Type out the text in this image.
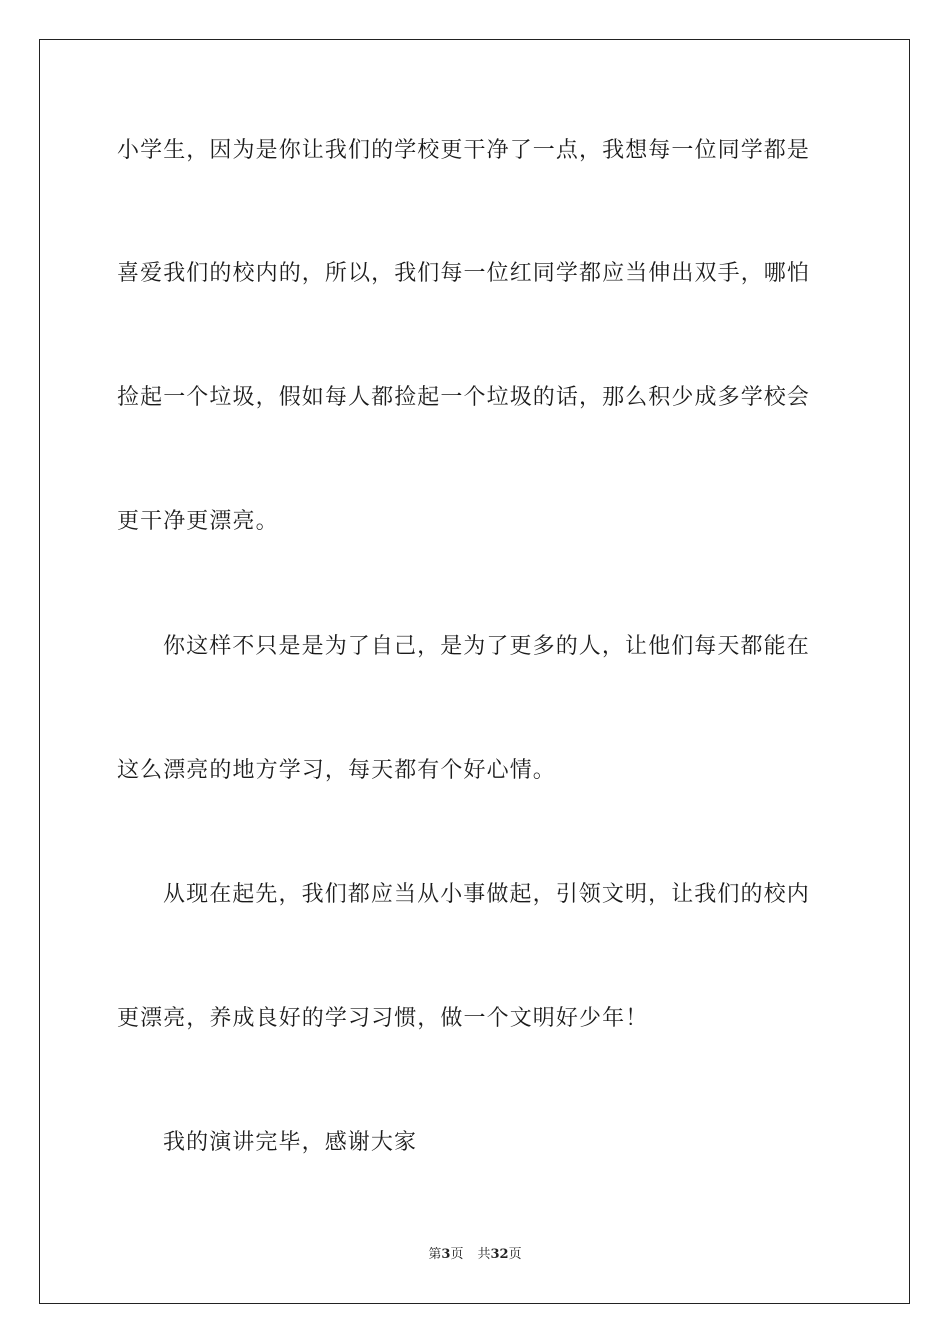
小学生，因为是你让我们的学校更干净了一点，我想每一位同学都是
喜爱我们的校内的，所以，我们每一位红同学都应当伸出双手，哪怕
捡起一个垃圾，假如每人都捡起一个垃圾的话，那么积少成多学校会
更干净更漂亮。
你这样不只是是为了自己，是为了更多的人，让他们每天都能在
这么漂亮的地方学习，每天都有个好心情。
从现在起先，我们都应当从小事做起，引领文明，让我们的校内
更漂亮，养成良好的学习习惯，做一个文明好少年！
我的演讲完毕，感谢大家
第3页 共32页
